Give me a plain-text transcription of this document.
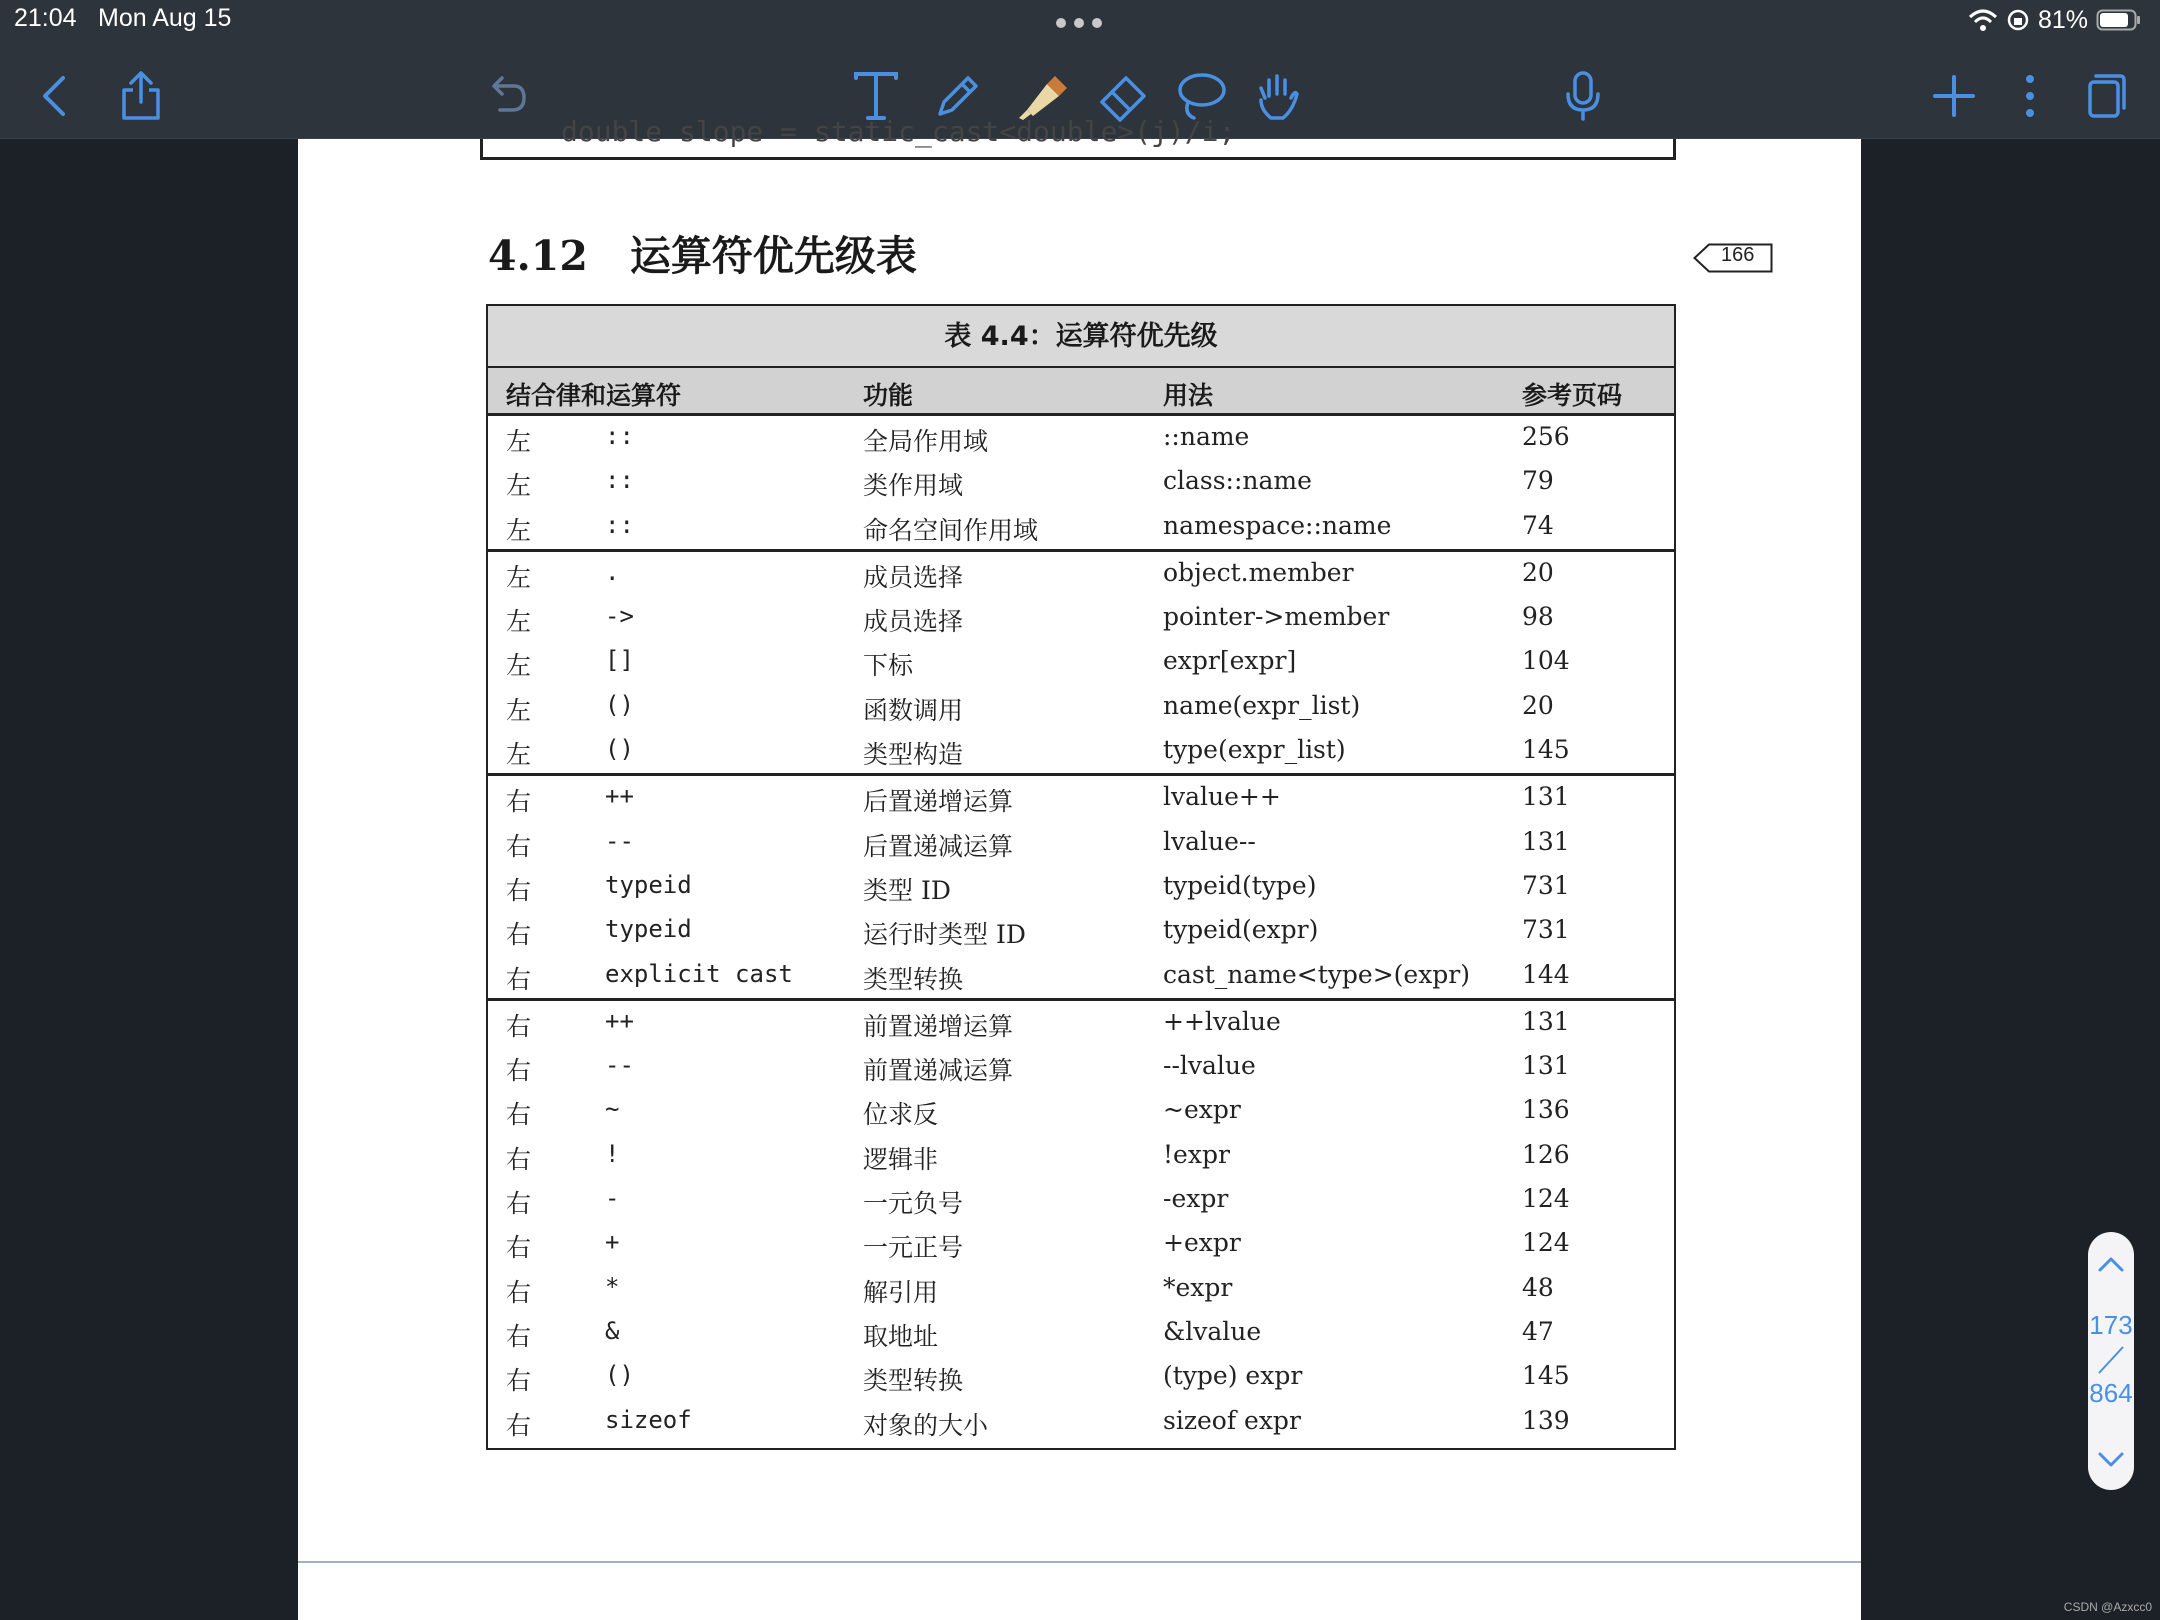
21:04 Mon Aug 15	81%
double slope = static_cast<double>(j)/i;
4.12 运算符优先级表	166
表 4.4：运算符优先级
结合律和运算符	功能	用法	参考页码
左	::	全局作用域	::name	256
左	::	类作用域	class::name	79
左	::	命名空间作用域	namespace::name	74
左	.	成员选择	object.member	20
左	->	成员选择	pointer->member	98
左	[]	下标	expr[expr]	104
左	()	函数调用	name(expr_list)	20
左	()	类型构造	type(expr_list)	145
右	++	后置递增运算	lvalue++	131
右	--	后置递减运算	lvalue--	131
右	typeid	类型 ID	typeid(type)	731
右	typeid	运行时类型 ID	typeid(expr)	731
右	explicit cast	类型转换	cast_name<type>(expr) 144
右	++	前置递增运算	++lvalue	131
右	--	前置递减运算	--lvalue	131
右	~	位求反	~expr	136
右	!	逻辑非	!expr	126
右	-	一元负号	-expr	124
右	+	一元正号	+expr	124
右	*	解引用	*expr	48
右	&	取地址	&lvalue	47
右	()	类型转换	(type) expr	145
右	sizeof	对象的大小	sizeof expr	139
173
864
CSDN @Azxcc0
